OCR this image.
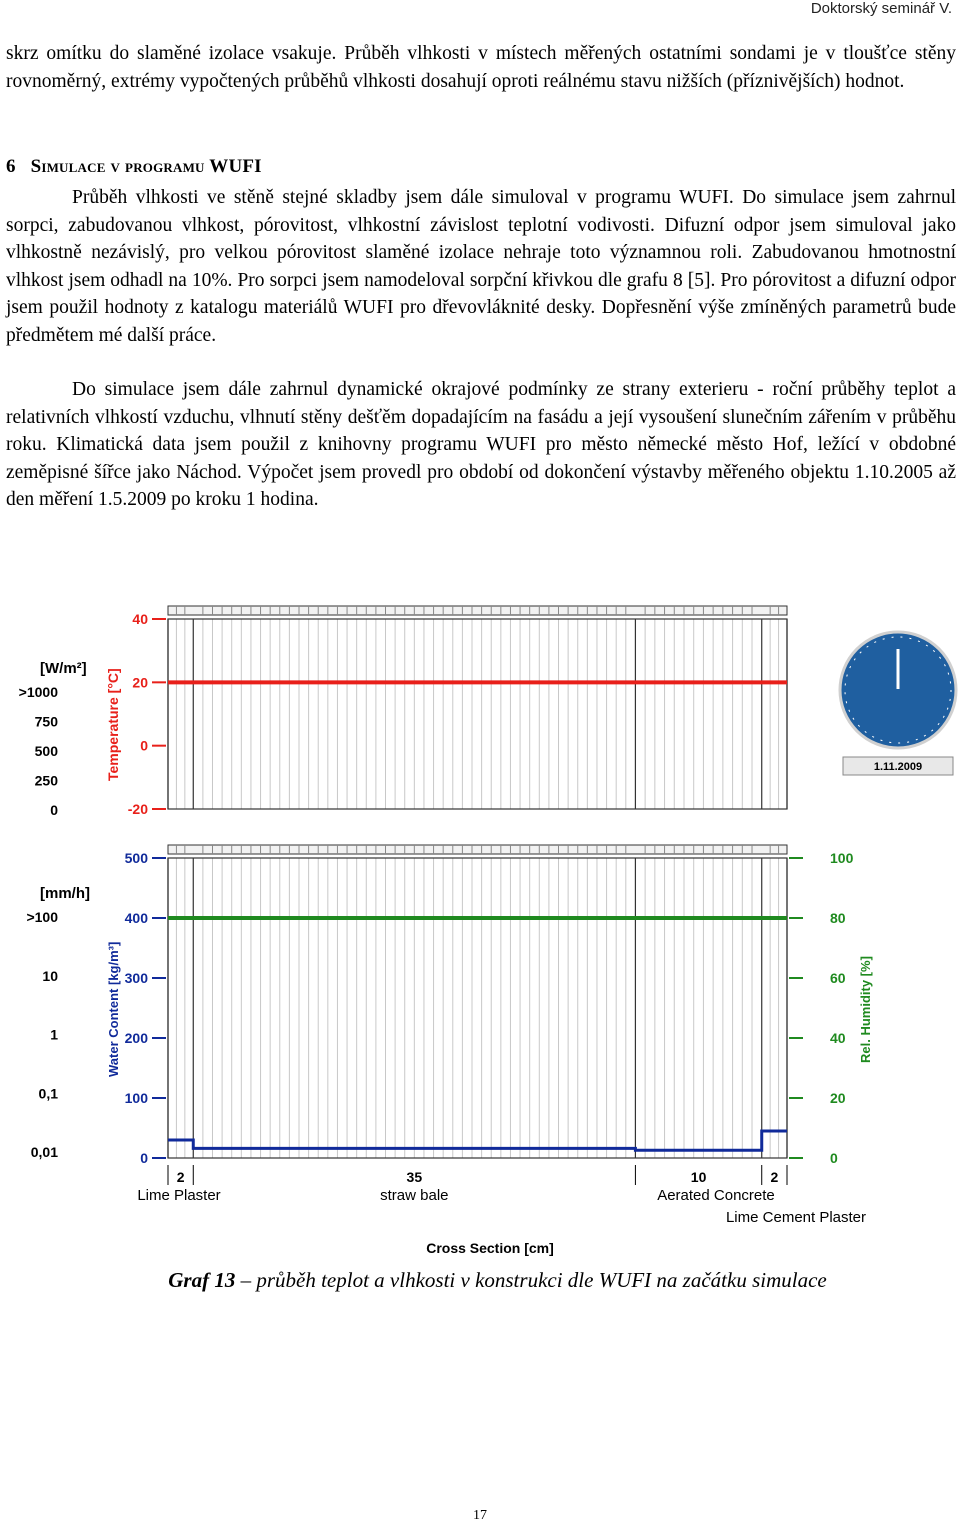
Doktorský seminář V.
skrz omítku do slaměné izolace vsakuje. Průběh vlhkosti v místech měřených ostatními sondami je v tloušťce stěny rovnoměrný, extrémy vypočtených průběhů vlhkosti dosahují oproti reálnému stavu nižších (příznivějších) hodnot.
6 Simulace v programu WUFI
Průběh vlhkosti ve stěně stejné skladby jsem dále simuloval v programu WUFI. Do simulace jsem zahrnul sorpci, zabudovanou vlhkost, pórovitost, vlhkostní závislost teplotní vodivosti. Difuzní odpor jsem simuloval jako vlhkostně nezávislý, pro velkou pórovitost slaměné izolace nehraje toto významnou roli. Zabudovanou hmotnostní vlhkost jsem odhadl na 10%. Pro sorpci jsem namodeloval sorpční křivkou dle grafu 8 [5]. Pro pórovitost a difuzní odpor jsem použil hodnoty z katalogu materiálů WUFI pro dřevovláknité desky. Dopřesnění výše zmíněných parametrů bude předmětem mé další práce.
Do simulace jsem dále zahrnul dynamické okrajové podmínky ze strany exterieru - roční průběhy teplot a relativních vlhkostí vzduchu, vlhnutí stěny dešťěm dopadajícím na fasádu a její vysoušení slunečním zářením v průběhu roku. Klimatická data jsem použil z knihovny programu WUFI pro město německé město Hof, ležící v obdobné zeměpisné šířce jako Náchod. Výpočet jsem provedl pro období od dokončení výstavby měřeného objektu 1.10.2005 až den měření 1.5.2009 po kroku 1 hodina.
[W/m²]
>1000
750
500
250
0
40
20
0
-20
Temperature [°C]
[mm/h]
>100
10
1
0,1
0,01
500
400
300
200
100
0
100
80
60
40
20
0
Water Content [kg/m³]	Rel. Humidity [%]
1.11.2009
2
Lime Plaster
35
straw bale
10
Aerated Concrete
2
Lime Cement Plaster
Cross Section [cm]
Graf 13 – průběh teplot a vlhkosti v konstrukci dle WUFI na začátku simulace
17
